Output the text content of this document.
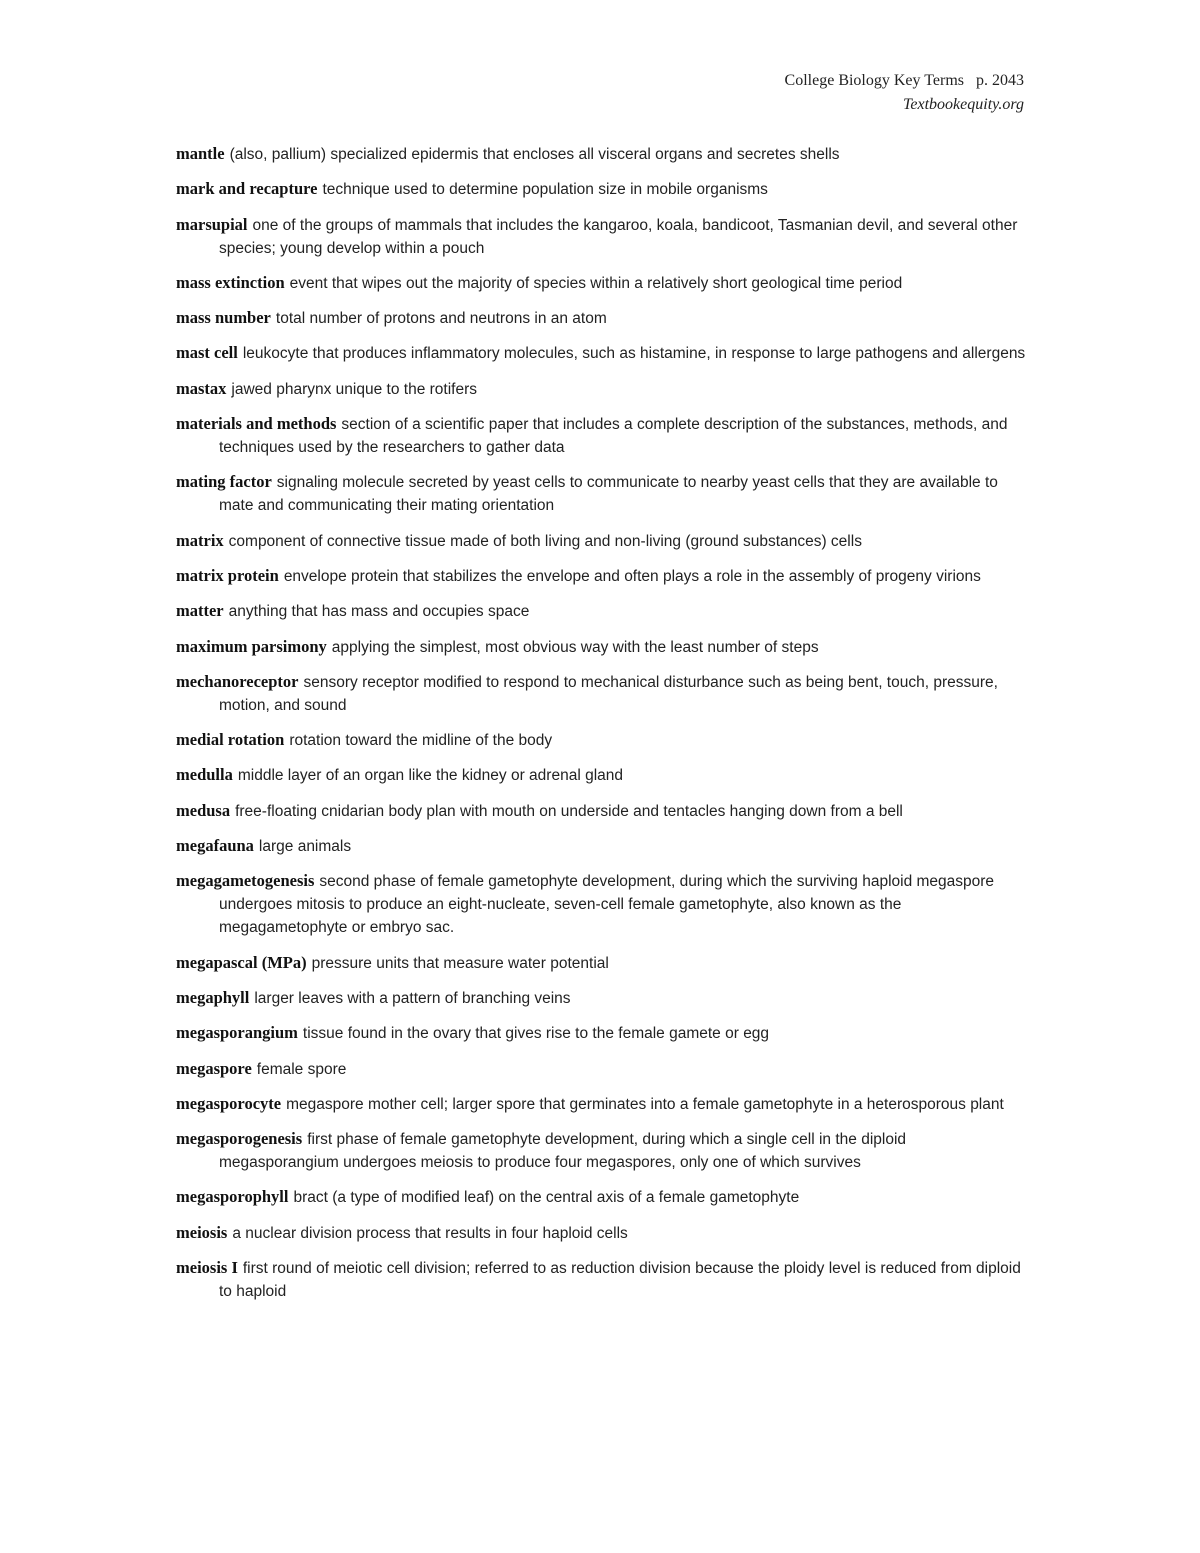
College Biology Key Terms p. 2043
Textbookequity.org

mantle (also, pallium) specialized epidermis that encloses all visceral organs and secretes shells

mark and recapture technique used to determine population size in mobile organisms

marsupial one of the groups of mammals that includes the kangaroo, koala, bandicoot, Tasmanian devil, and several other species; young develop within a pouch

mass extinction event that wipes out the majority of species within a relatively short geological time period

mass number total number of protons and neutrons in an atom

mast cell leukocyte that produces inflammatory molecules, such as histamine, in response to large pathogens and allergens

mastax jawed pharynx unique to the rotifers

materials and methods section of a scientific paper that includes a complete description of the substances, methods, and techniques used by the researchers to gather data

mating factor signaling molecule secreted by yeast cells to communicate to nearby yeast cells that they are available to mate and communicating their mating orientation

matrix component of connective tissue made of both living and non-living (ground substances) cells

matrix protein envelope protein that stabilizes the envelope and often plays a role in the assembly of progeny virions

matter anything that has mass and occupies space

maximum parsimony applying the simplest, most obvious way with the least number of steps

mechanoreceptor sensory receptor modified to respond to mechanical disturbance such as being bent, touch, pressure, motion, and sound

medial rotation rotation toward the midline of the body

medulla middle layer of an organ like the kidney or adrenal gland

medusa free-floating cnidarian body plan with mouth on underside and tentacles hanging down from a bell

megafauna large animals

megagametogenesis second phase of female gametophyte development, during which the surviving haploid megaspore undergoes mitosis to produce an eight-nucleate, seven-cell female gametophyte, also known as the megagametophyte or embryo sac.

megapascal (MPa) pressure units that measure water potential

megaphyll larger leaves with a pattern of branching veins

megasporangium tissue found in the ovary that gives rise to the female gamete or egg

megaspore female spore

megasporocyte megaspore mother cell; larger spore that germinates into a female gametophyte in a heterosporous plant

megasporogenesis first phase of female gametophyte development, during which a single cell in the diploid megasporangium undergoes meiosis to produce four megaspores, only one of which survives

megasporophyll bract (a type of modified leaf) on the central axis of a female gametophyte

meiosis a nuclear division process that results in four haploid cells

meiosis I first round of meiotic cell division; referred to as reduction division because the ploidy level is reduced from diploid to haploid
